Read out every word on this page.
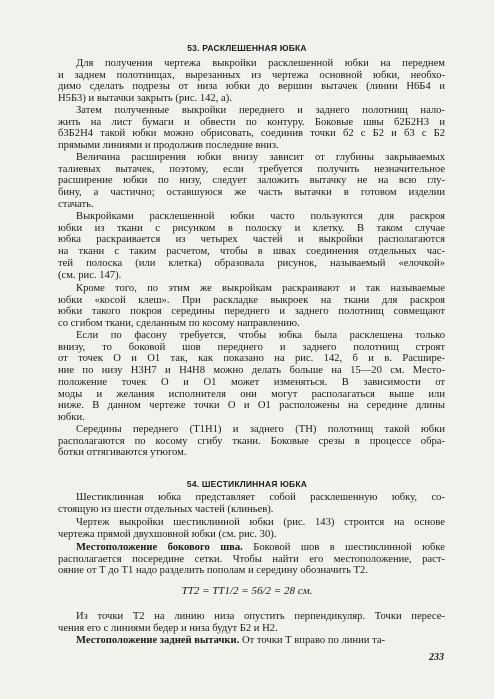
53. РАСКЛЕШЕННАЯ ЮБКА

Для получения чертежа выкройки расклешенной юбки на переднем
и заднем полотнищах, вырезанных из чертежа основной юбки, необхо-
димо сделать подрезы от низа юбки до вершин вытачек (линии Н6Б4 и
Н5Б3) и вытачки закрыть (рис. 142, а).

Затем полученные выкройки переднего и заднего полотнищ нало-
жить на лист бумаги и обвести по контуру. Боковые швы б2Б2Н3 и
б3Б2Н4 такой юбки можно обрисовать, соединив точки б2 с Б2 и б3 с Б2
прямыми линиями и продолжив последние вниз.

Величина расширения юбки внизу зависит от глубины закрываемых
талиевых вытачек, поэтому, если требуется получить незначительное
расширение юбки по низу, следует заложить вытачку не на всю глу-
бину, а частично; оставшуюся же часть вытачки в готовом изделии
стачать.

Выкройками расклешенной юбки часто пользуются для раскроя
юбки из ткани с рисунком в полоску и клетку. В таком случае
юбка раскраивается из четырех частей и выкройки располагаются
на ткани с таким расчетом, чтобы в швах соединения отдельных час-
тей полоска (или клетка) образовала рисунок, называемый «елочкой»
(см. рис. 147).

Кроме того, по этим же выкройкам раскраивают и так называемые
юбки «косой клеш». При раскладке выкроек на ткани для раскроя
юбки такого покроя середины переднего и заднего полотнищ совмещают
со сгибом ткани, сделанным по косому направлению.

Если по фасону требуется, чтобы юбка была расклешена только
внизу, то боковой шов переднего и заднего полотнищ строят
от точек О и О1 так, как показано на рис. 142, б и в. Расшире-
ние по низу Н3Н7 и Н4Н8 можно делать больше на 15—20 см. Место-
положение точек О и О1 может изменяться. В зависимости от
моды и желания исполнителя они могут располагаться выше или
ниже. В данном чертеже точки О и О1 расположены на середине длины
юбки.

Середины переднего (Т1Н1) и заднего (ТН) полотнищ такой юбки
располагаются по косому сгибу ткани. Боковые срезы в процессе обра-
ботки оттягиваются утюгом.

54. ШЕСТИКЛИННАЯ ЮБКА

Шестиклинная юбка представляет собой расклешенную юбку, со-
стоящую из шести отдельных частей (клиньев).

Чертеж выкройки шестиклинной юбки (рис. 143) строится на основе
чертежа прямой двухшовной юбки (см. рис. 30).

Местоположение бокового шва. Боковой шов в шестиклинной юбке
располагается посередине сетки. Чтобы найти его местоположение, раст-
ояние от Т до Т1 надо разделить пополам и середину обозначить Т2.

ТТ2 = ТТ1/2 = 56/2 = 28 см.

Из точки Т2 на линию низа опустить перпендикуляр. Точки пересе-
чения его с линиями бедер и низа будут Б2 и Н2.

Местоположение задней вытачки. От точки Т вправо по линии та-

233
